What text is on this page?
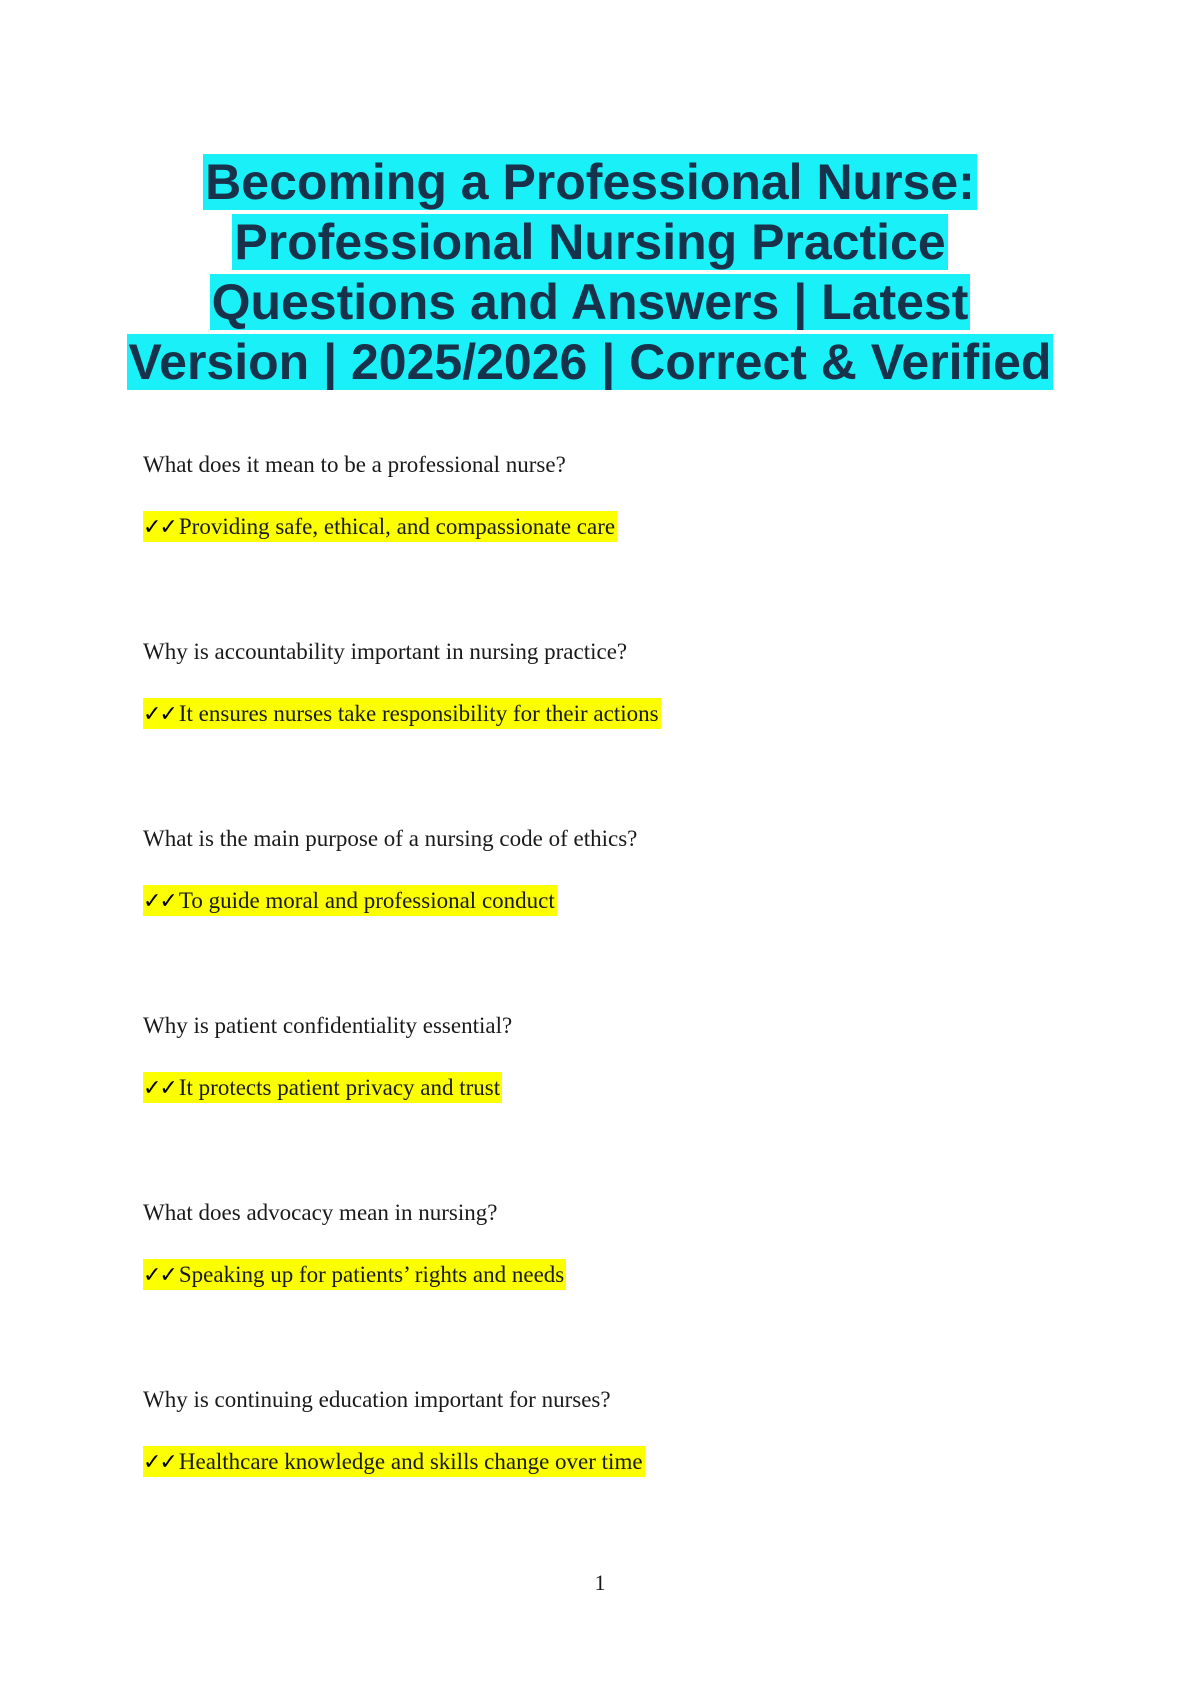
Becoming a Professional Nurse:
Professional Nursing Practice
Questions and Answers | Latest
Version | 2025/2026 | Correct & Verified

What does it mean to be a professional nurse?

✓✓ Providing safe, ethical, and compassionate care

Why is accountability important in nursing practice?

✓✓ It ensures nurses take responsibility for their actions

What is the main purpose of a nursing code of ethics?

✓✓ To guide moral and professional conduct

Why is patient confidentiality essential?

✓✓ It protects patient privacy and trust

What does advocacy mean in nursing?

✓✓ Speaking up for patients’ rights and needs

Why is continuing education important for nurses?

✓✓ Healthcare knowledge and skills change over time
1
